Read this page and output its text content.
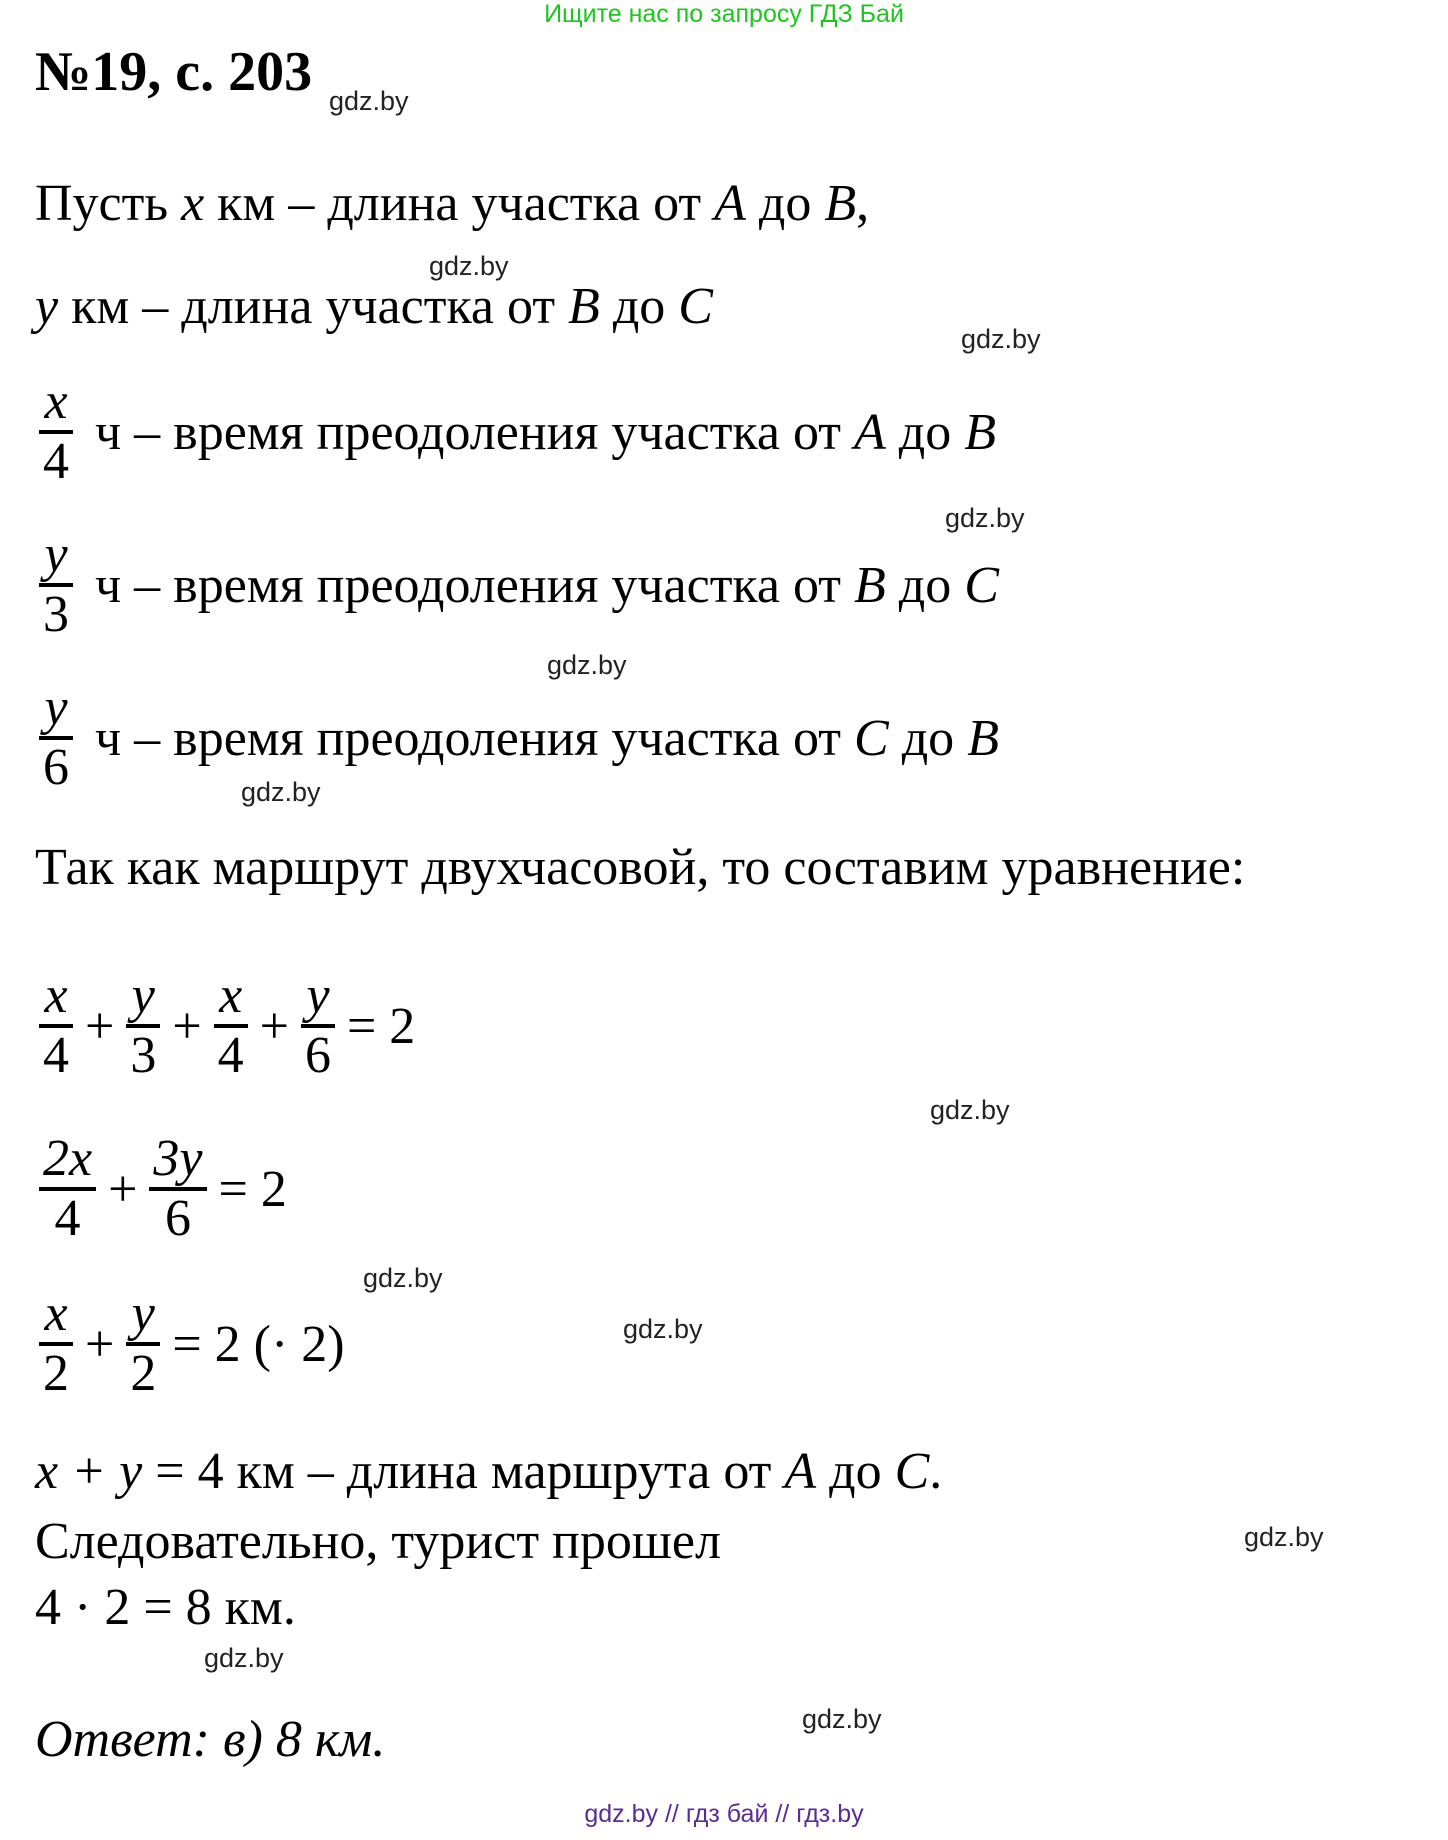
Ищите нас по запросу ГДЗ Бай
№19, с. 203 gdz.by
gdz.by
gdz.by
gdz.by
gdz.by
gdz.by
gdz.by
gdz.by
gdz.by
gdz.by
gdz.by
gdz.by
Пусть x км – длина участка от A до B,
y км – длина участка от B до C
$\frac{x}{4}$ ч – время преодоления участка от A до B
$\frac{y}{3}$ ч – время преодоления участка от B до C
$\frac{y}{6}$ ч – время преодоления участка от C до B
Так как маршрут двухчасовой, то составим уравнение:
$\frac{x}{4} + \frac{y}{3} + \frac{x}{4} + \frac{y}{6} = 2$
$\frac{2x}{4} + \frac{3y}{6} = 2$
$\frac{x}{2} + \frac{y}{2} = 2$ (· 2)
x + y = 4 км – длина маршрута от A до C.
Следовательно, турист прошел
4 · 2 = 8 км.
Ответ: в) 8 км.
gdz.by // гдз бай // гдз.by
